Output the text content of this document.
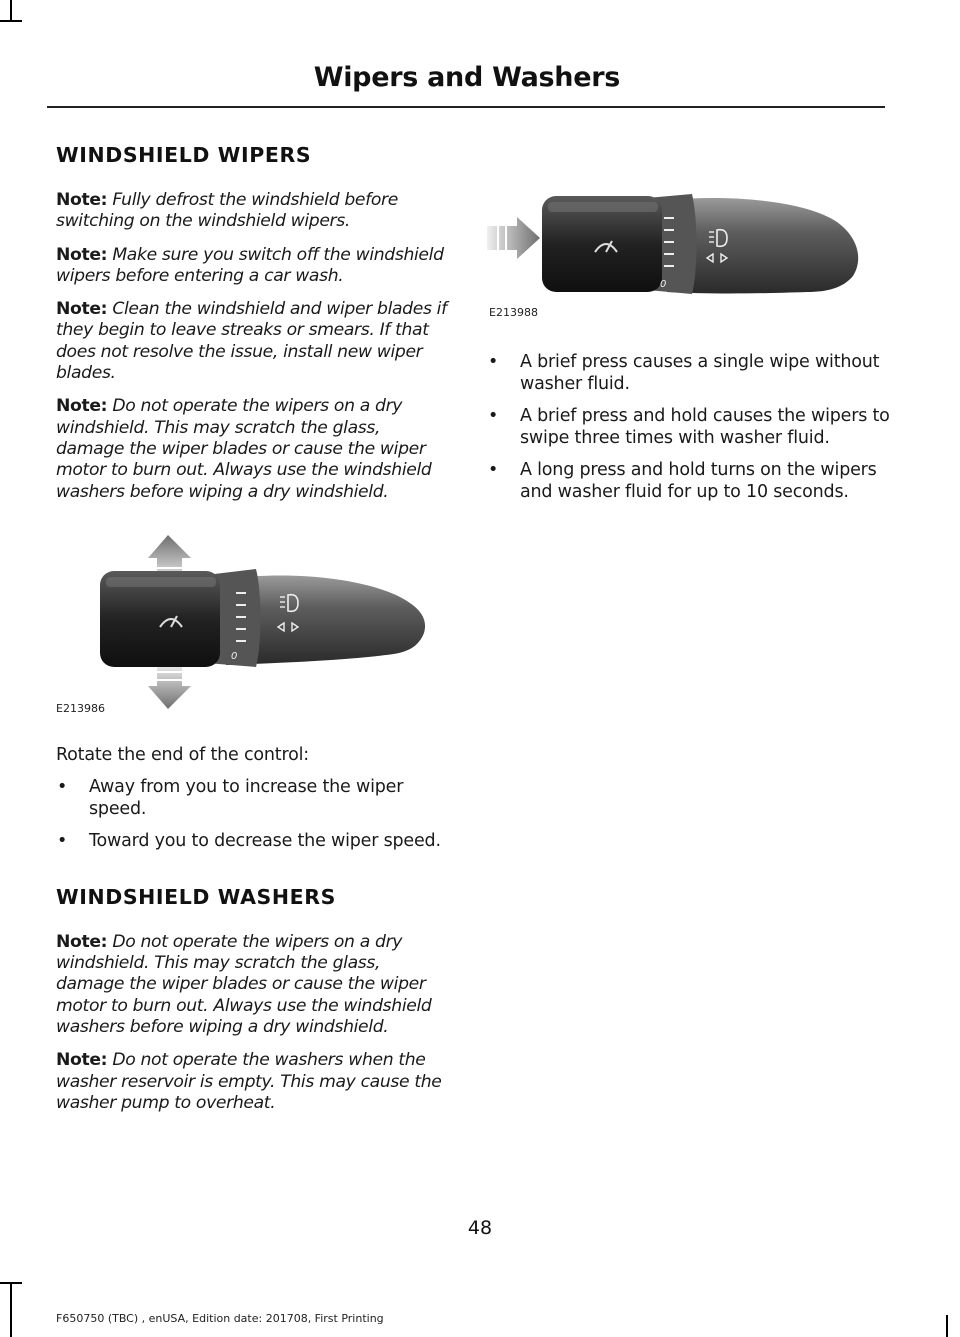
Wipers and Washers
WINDSHIELD WIPERS

Note: Fully defrost the windshield before switching on the windshield wipers.

Note: Make sure you switch off the windshield wipers before entering a car wash.

Note: Clean the windshield and wiper blades if they begin to leave streaks or smears. If that does not resolve the issue, install new wiper blades.

Note: Do not operate the wipers on a dry windshield. This may scratch the glass, damage the wiper blades or cause the wiper motor to burn out. Always use the windshield washers before wiping a dry windshield.

0
E213986

Rotate the end of the control:

• Away from you to increase the wiper speed.
• Toward you to decrease the wiper speed.
WINDSHIELD WASHERS

Note: Do not operate the wipers on a dry windshield. This may scratch the glass, damage the wiper blades or cause the wiper motor to burn out. Always use the windshield washers before wiping a dry windshield.

Note: Do not operate the washers when the washer reservoir is empty. This may cause the washer pump to overheat.

0
E213988
• A brief press causes a single wipe without washer fluid.
• A brief press and hold causes the wipers to swipe three times with washer fluid.
• A long press and hold turns on the wipers and washer fluid for up to 10 seconds.
48
F650750 (TBC) , enUSA, Edition date: 201708, First Printing
